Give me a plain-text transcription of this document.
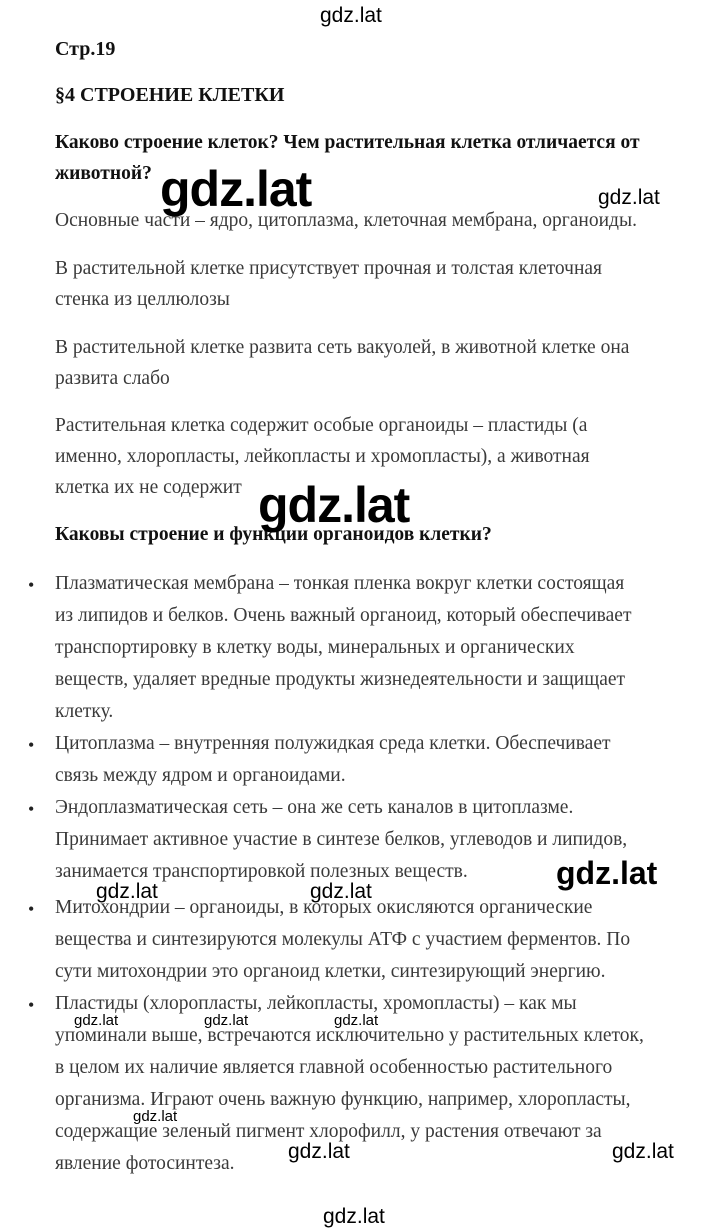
gdz.lat
Стр.19
§4 СТРОЕНИЕ КЛЕТКИ
Каково строение клеток? Чем растительная клетка отличается от
животной? gdz.lat	gdz.lat
Основные части – ядро, цитоплазма, клеточная мембрана, органоиды.
В растительной клетке присутствует прочная и толстая клеточная
стенка из целлюлозы
В растительной клетке развита сеть вакуолей, в животной клетке она
развита слабо
Растительная клетка содержит особые органоиды – пластиды (а
именно, хлоропласты, лейкопласты и хромопласты), а животная
клетка их не содержит
Каковы строение и функции органоидов клетки?
gdz.lat
• Плазматическая мембрана – тонкая пленка вокруг клетки состоящая
из липидов и белков. Очень важный органоид, который обеспечивает
транспортировку в клетку воды, минеральных и органических
веществ, удаляет вредные продукты жизнедеятельности и защищает
клетку.
• Цитоплазма – внутренняя полужидкая среда клетки. Обеспечивает
связь между ядром и органоидами.
• Эндоплазматическая сеть – она же сеть каналов в цитоплазме.
Принимает активное участие в синтезе белков, углеводов и липидов,
занимается транспортировкой полезных веществ.	gdz.lat
gdz.lat	gdz.lat
• Митохондрии – органоиды, в которых окисляются органические
вещества и синтезируются молекулы АТФ с участием ферментов. По
сути митохондрии это органоид клетки, синтезирующий энергию.
• Пластиды (хлоропласты, лейкопласты, хромопласты) – как мы
упоминали выше, встречаются исключительно у растительных клеток,
в целом их наличие является главной особенностью растительного
организма. Играют очень важную функцию, например, хлоропласты,
содержащие зеленый пигмент хлорофилл, у растения отвечают за
явление фотосинтеза.
gdz.lat	gdz.lat	gdz.lat
gdz.lat
gdz.lat	gdz.lat
gdz.lat
